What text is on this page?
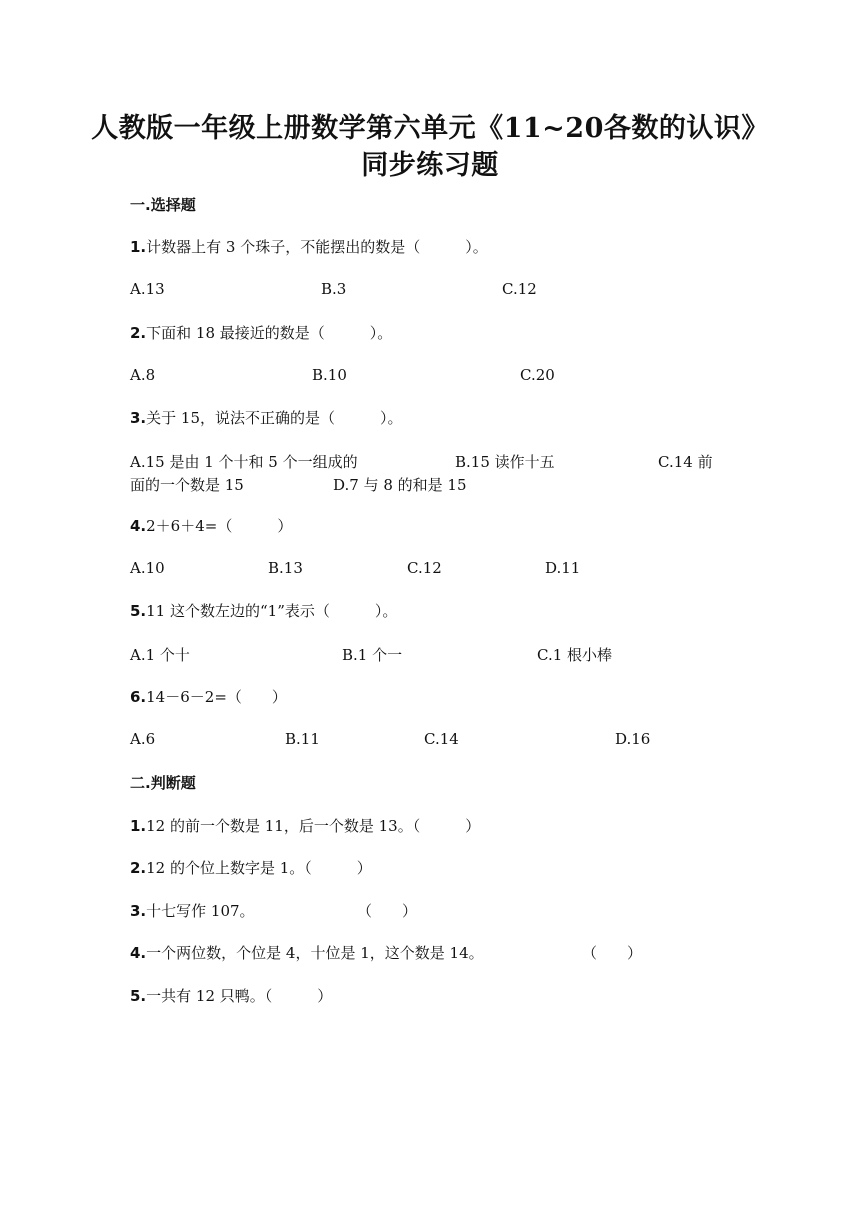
人教版一年级上册数学第六单元《11~20各数的认识》
同步练习题
一.选择题
1.计数器上有 3 个珠子，不能摆出的数是（　　　）。
A.13	B.3	C.12
2.下面和 18 最接近的数是（　　　）。
A.8	B.10	C.20
3.关于 15，说法不正确的是（　　　）。
A.15 是由 1 个十和 5 个一组成的	B.15 读作十五	C.14 前
面的一个数是 15	D.7 与 8 的和是 15
4.2＋6＋4=（　　　）
A.10	B.13	C.12	D.11
5.11 这个数左边的“1”表示（　　　）。
A.1 个十	B.1 个一	C.1 根小棒
6.14－6－2=（　　）
A.6	B.11	C.14	D.16
二.判断题
1.12 的前一个数是 11，后一个数是 13。（　　　）
2.12 的个位上数字是 1。（　　　）
3.十七写作 107。	（　　）
4.一个两位数，个位是 4，十位是 1，这个数是 14。	（　　）
5.一共有 12 只鸭。（　　　）
